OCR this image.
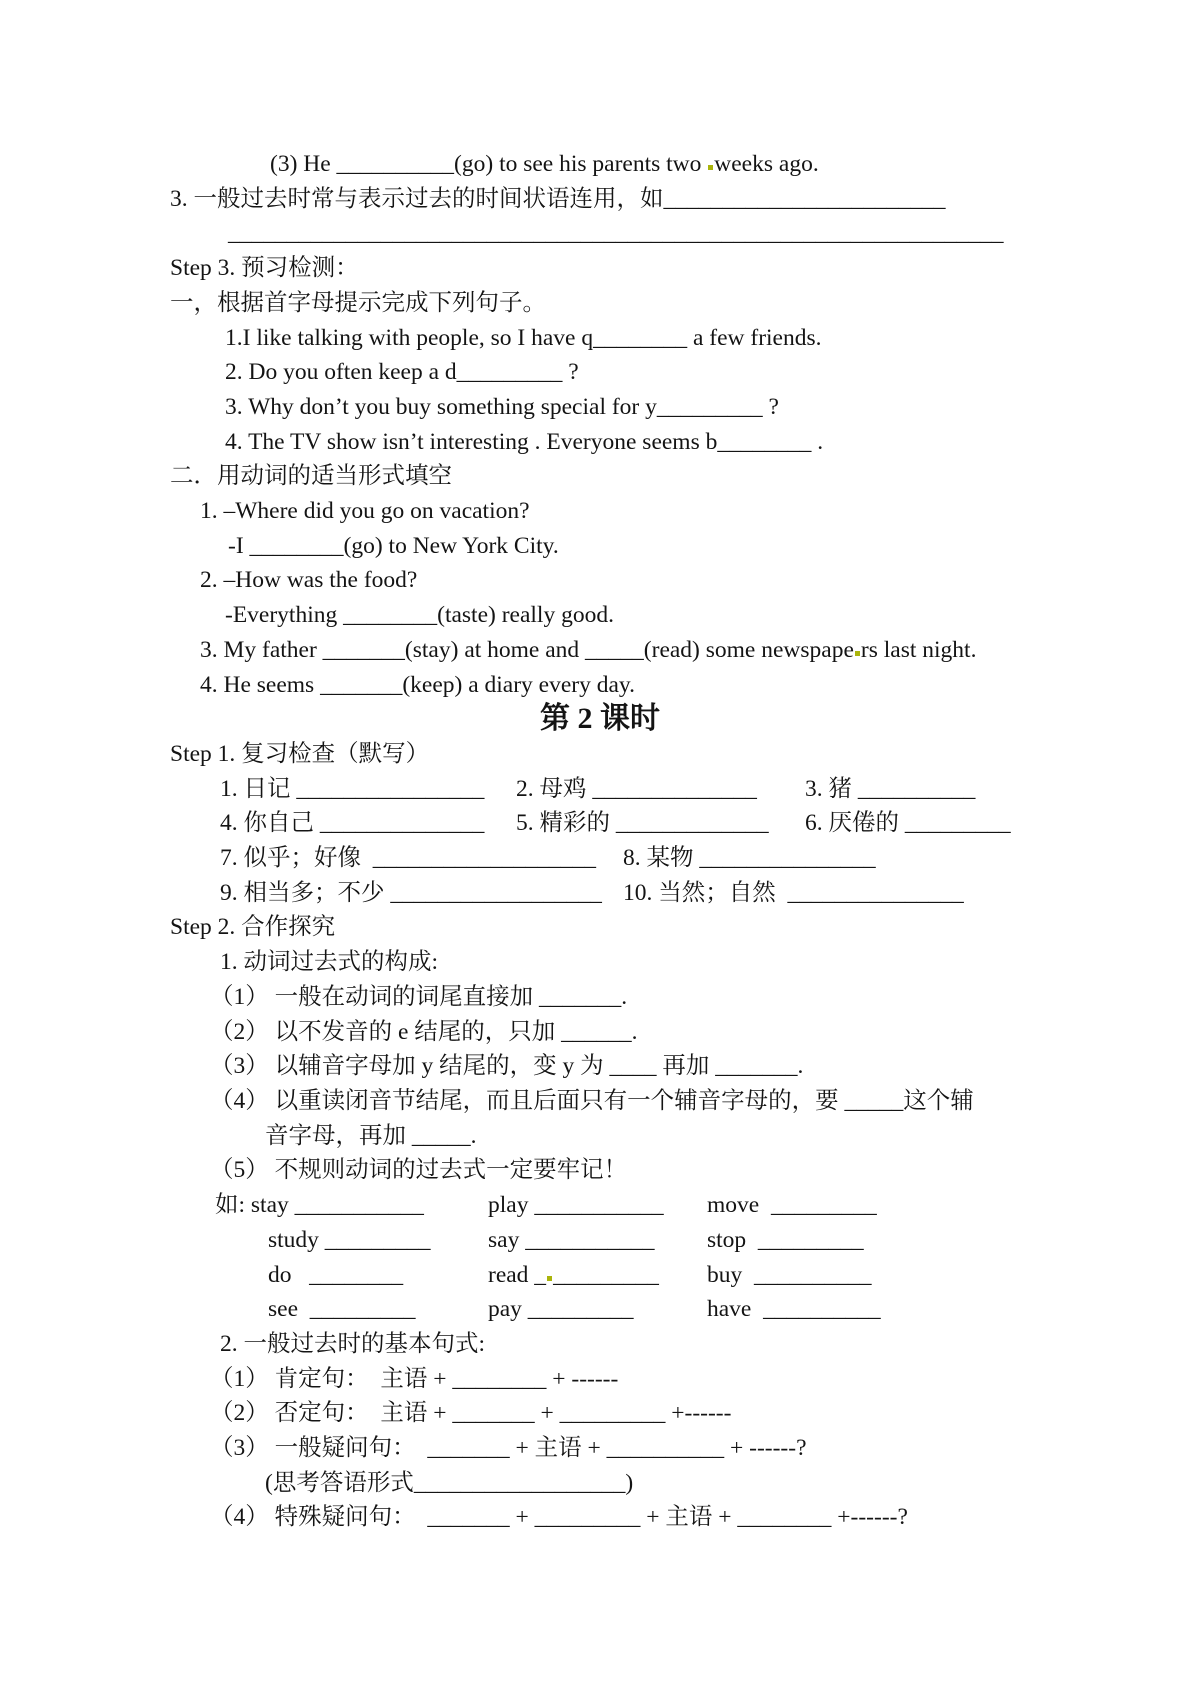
(3) He __________(go) to see his parents two weeks ago.
3. 一般过去时常与表示过去的时间状语连用，如________________________
__________________________________________________________________
Step 3. 预习检测：
一，根据首字母提示完成下列句子。
1.I like talking with people, so I have q________ a few friends.
2. Do you often keep a d_________ ?
3. Why don’t you buy something special for y_________ ?
4. The TV show isn’t interesting . Everyone seems b________ .
二．用动词的适当形式填空
1. –Where did you go on vacation?
-I ________(go) to New York City.
2. –How was the food?
-Everything ________(taste) really good.
3. My father _______(stay) at home and _____(read) some newspape rs last night.
4. He seems _______(keep) a diary every day.
第 2 课时
Step 1. 复习检查（默写）
1. 日记 ________________ 2. 母鸡 ______________ 3. 猪 __________
4. 你自己 ______________ 5. 精彩的 _____________ 6. 厌倦的 _________
7. 似乎；好像  ___________________ 8. 某物 _______________
9. 相当多；不少 __________________ 10. 当然；自然  _______________
Step 2. 合作探究
1. 动词过去式的构成:
（1） 一般在动词的词尾直接加 _______.
（2） 以不发音的 e 结尾的，只加 ______.
（3） 以辅音字母加 y 结尾的，变 y 为 ____ 再加 _______.
（4） 以重读闭音节结尾，而且后面只有一个辅音字母的，要 _____这个辅
音字母，再加 _____.
（5） 不规则动词的过去式一定要牢记！
如: stay ___________	play ___________ move  _________
study _________ say ___________ stop  _________
do   ________	read _ _________ buy  __________
see  _________	pay _________	have  __________
2. 一般过去时的基本句式:
（1） 肯定句：  主语 + ________ + ------
（2） 否定句：  主语 + _______ + _________ +------
（3） 一般疑问句：  _______ + 主语 + __________ + ------?
(思考答语形式__________________)
（4） 特殊疑问句：  _______ + _________ + 主语 + ________ +------?
